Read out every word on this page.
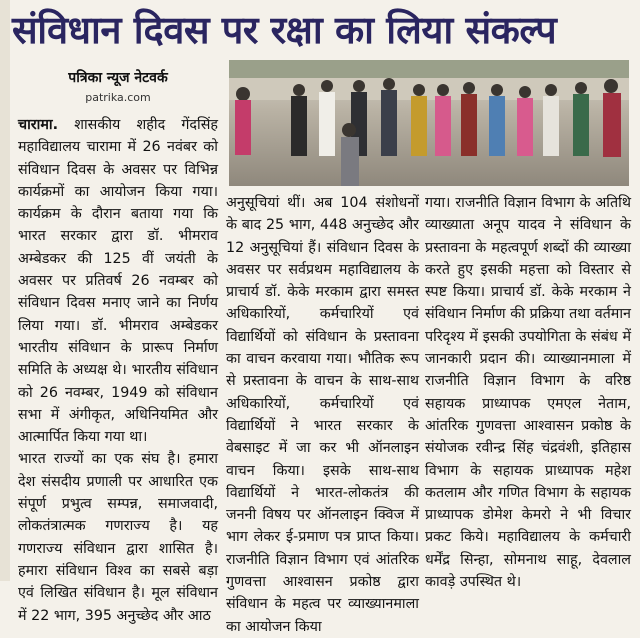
संविधान दिवस पर रक्षा का लिया संकल्प
पत्रिका न्यूज नेटवर्क
patrika.com

चारामा. शासकीय शहीद गेंदसिंह महाविद्यालय चारामा में 26 नवंबर को संविधान दिवस के अवसर पर विभिन्न कार्यक्रमों का आयोजन किया गया। कार्यक्रम के दौरान बताया गया कि भारत सरकार द्वारा डॉ. भीमराव अम्बेडकर की 125 वीं जयंती के अवसर पर प्रतिवर्ष 26 नवम्बर को संविधान दिवस मनाए जाने का निर्णय लिया गया। डॉ. भीमराव अम्बेडकर भारतीय संविधान के प्रारूप निर्माण समिति के अध्यक्ष थे। भारतीय संविधान को 26 नवम्बर, 1949 को संविधान सभा में अंगीकृत, अधिनियमित और आत्मार्पित किया गया था।

भारत राज्यों का एक संघ है। हमारा देश संसदीय प्रणाली पर आधारित एक संपूर्ण प्रभुत्व सम्पन्न, समाजवादी, लोकतंत्रात्मक गणराज्य है। यह गणराज्य संविधान द्वारा शासित है। हमारा संविधान विश्व का सबसे बड़ा एवं लिखित संविधान है। मूल संविधान में 22 भाग, 395 अनुच्छेद और आठ

अनुसूचियां थीं। अब 104 संशोधनों के बाद 25 भाग, 448 अनुच्छेद और 12 अनुसूचियां हैं। संविधान दिवस के अवसर पर सर्वप्रथम महाविद्यालय के प्राचार्य डॉ. केके मरकाम द्वारा समस्त अधिकारियों, कर्मचारियों एवं विद्यार्थियों को संविधान के प्रस्तावना का वाचन करवाया गया। भौतिक रूप से प्रस्तावना के वाचन के साथ-साथ अधिकारियों, कर्मचारियों एवं विद्यार्थियों ने भारत सरकार के वेबसाइट में जा कर भी ऑनलाइन वाचन किया। इसके साथ-साथ विद्यार्थियों ने भारत-लोकतंत्र की जननी विषय पर ऑनलाइन क्विज में भाग लेकर ई-प्रमाण पत्र प्राप्त किया। राजनीति विज्ञान विभाग एवं आंतरिक गुणवत्ता आश्वासन प्रकोष्ठ द्वारा संविधान के महत्व पर व्याख्यानमाला का आयोजन किया

गया। राजनीति विज्ञान विभाग के अतिथि व्याख्याता अनूप यादव ने संविधान के प्रस्तावना के महत्वपूर्ण शब्दों की व्याख्या करते हुए इसकी महत्ता को विस्तार से स्पष्ट किया। प्राचार्य डॉ. केके मरकाम ने संविधान निर्माण की प्रक्रिया तथा वर्तमान परिदृश्य में इसकी उपयोगिता के संबंध में जानकारी प्रदान की। व्याख्यानमाला में राजनीति विज्ञान विभाग के वरिष्ठ सहायक प्राध्यापक एमएल नेताम, आंतरिक गुणवत्ता आश्वासन प्रकोष्ठ के संयोजक रवीन्द्र सिंह चंद्रवंशी, इतिहास विभाग के सहायक प्राध्यापक महेश कतलाम और गणित विभाग के सहायक प्राध्यापक डोमेश केमरो ने भी विचार प्रकट किये। महाविद्यालय के कर्मचारी धर्मेंद्र सिन्हा, सोमनाथ साहू, देवलाल कावड़े उपस्थित थे।
